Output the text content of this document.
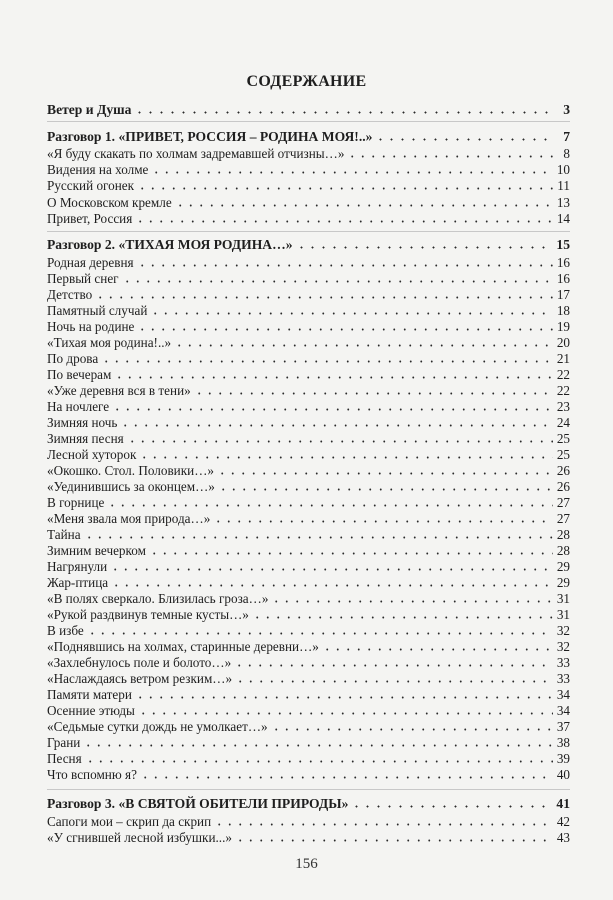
СОДЕРЖАНИЕ
Ветер и Душа	3
Разговор 1. «ПРИВЕТ, РОССИЯ – РОДИНА МОЯ!..»	7
«Я буду скакать по холмам задремавшей отчизны…»	8
Видения на холме	10
Русский огонек	11
О Московском кремле	13
Привет, Россия	14
Разговор 2. «ТИХАЯ МОЯ РОДИНА…»	15
Родная деревня	16
Первый снег	16
Детство	17
Памятный случай	18
Ночь на родине	19
«Тихая моя родина!..»	20
По дрова	21
По вечерам	22
«Уже деревня вся в тени»	22
На ночлеге	23
Зимняя ночь	24
Зимняя песня	25
Лесной хуторок	25
«Окошко. Стол. Половики…»	26
«Уединившись за оконцем…»	26
В горнице	27
«Меня звала моя природа…»	27
Тайна	28
Зимним вечерком	28
Нагрянули	29
Жар-птица	29
«В полях сверкало. Близилась гроза…»	31
«Рукой раздвинув темные кусты…»	31
В избе	32
«Поднявшись на холмах, старинные деревни…»	32
«Захлебнулось поле и болото…»	33
«Наслаждаясь ветром резким…»	33
Памяти матери	34
Осенние этюды	34
«Седьмые сутки дождь не умолкает…»	37
Грани	38
Песня	39
Что вспомню я?	40
Разговор 3. «В СВЯТОЙ ОБИТЕЛИ ПРИРОДЫ»	41
Сапоги мои – скрип да скрип	42
«У сгнившей лесной избушки...»	43
156
